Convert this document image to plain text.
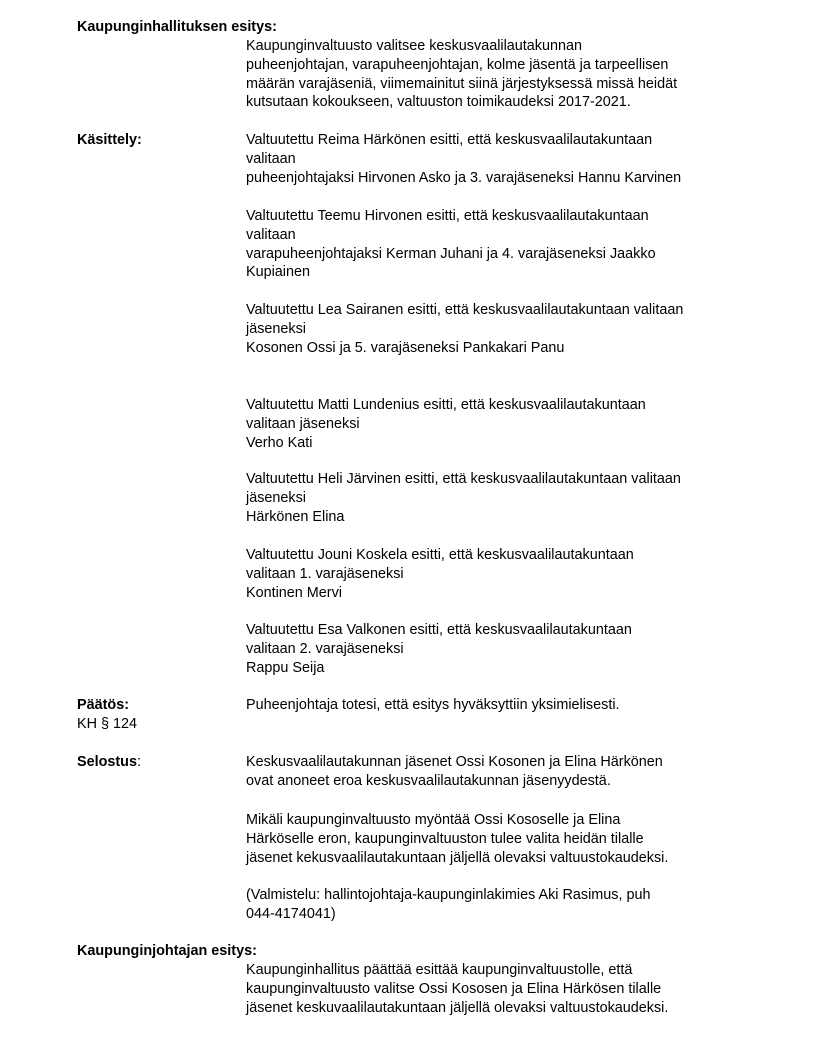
Kaupunginhallituksen esitys:
Kaupunginvaltuusto valitsee keskusvaalilautakunnan
puheenjohtajan, varapuheenjohtajan, kolme jäsentä ja tarpeellisen
määrän varajäseniä, viimemainitut siinä järjestyksessä missä heidät
kutsutaan kokoukseen, valtuuston toimikaudeksi 2017-2021.
Käsittely:	Valtuutettu Reima Härkönen esitti, että keskusvaalilautakuntaan
valitaan
puheenjohtajaksi Hirvonen Asko ja 3. varajäseneksi Hannu Karvinen
Valtuutettu Teemu Hirvonen esitti, että keskusvaalilautakuntaan
valitaan
varapuheenjohtajaksi Kerman Juhani ja 4. varajäseneksi Jaakko
Kupiainen
Valtuutettu Lea Sairanen esitti, että keskusvaalilautakuntaan valitaan
jäseneksi
Kosonen Ossi ja 5. varajäseneksi Pankakari Panu
Valtuutettu Matti Lundenius esitti, että keskusvaalilautakuntaan
valitaan jäseneksi
Verho Kati
Valtuutettu Heli Järvinen esitti, että keskusvaalilautakuntaan valitaan
jäseneksi
Härkönen Elina
Valtuutettu Jouni Koskela esitti, että keskusvaalilautakuntaan
valitaan 1. varajäseneksi
Kontinen Mervi
Valtuutettu Esa Valkonen esitti, että keskusvaalilautakuntaan
valitaan 2. varajäseneksi
Rappu Seija
Päätös:
KH § 124
Puheenjohtaja totesi, että esitys hyväksyttiin yksimielisesti.
Selostus:	Keskusvaalilautakunnan jäsenet Ossi Kosonen ja Elina Härkönen
ovat anoneet eroa keskusvaalilautakunnan jäsenyydestä.
Mikäli kaupunginvaltuusto myöntää Ossi Kososelle ja Elina
Härköselle eron, kaupunginvaltuuston tulee valita heidän tilalle
jäsenet kekusvaalilautakuntaan jäljellä olevaksi valtuustokaudeksi.
(Valmistelu: hallintojohtaja-kaupunginlakimies Aki Rasimus, puh
044-4174041)
Kaupunginjohtajan esitys:
Kaupunginhallitus päättää esittää kaupunginvaltuustolle, että
kaupunginvaltuusto valitse Ossi Kososen ja Elina Härkösen tilalle
jäsenet keskuvaalilautakuntaan jäljellä olevaksi valtuustokaudeksi.
